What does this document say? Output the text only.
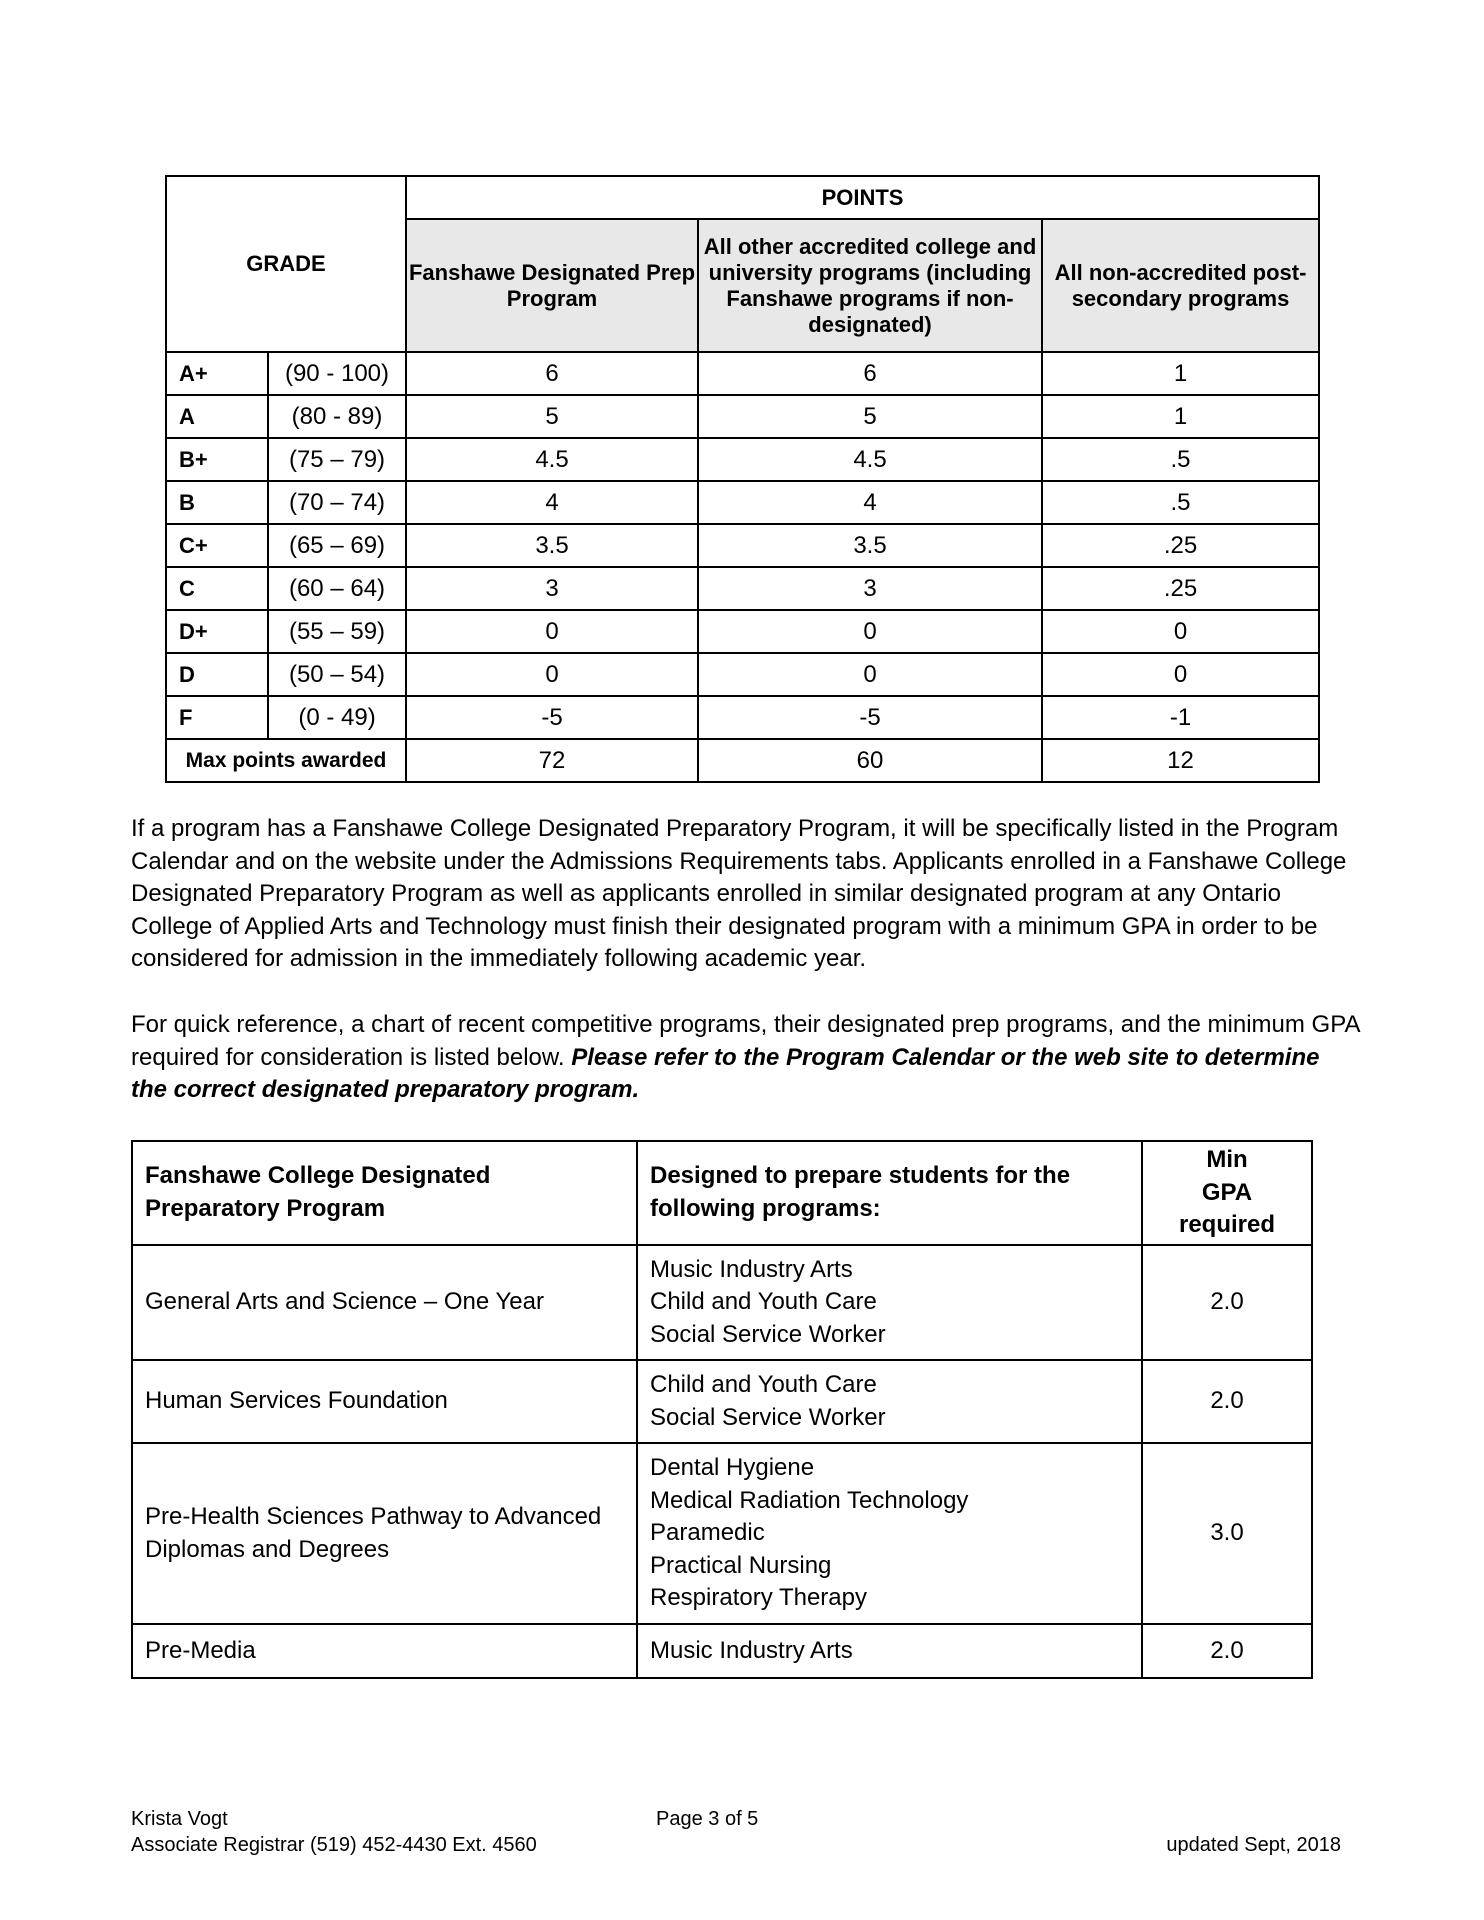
GRADE		POINTS		
		Fanshawe Designated Prep Program	All other accredited college and university programs (including Fanshawe programs if non-designated)	All non-accredited post-secondary programs
A+	(90 - 100)	6	6	1
A	(80 - 89)	5	5	1
B+	(75 – 79)	4.5	4.5	.5
B	(70 – 74)	4	4	.5
C+	(65 – 69)	3.5	3.5	.25
C	(60 – 64)	3	3	.25
D+	(55 – 59)	0	0	0
D	(50 – 54)	0	0	0
F	(0 - 49)	-5	-5	-1
Max points awarded		72	60	12

If a program has a Fanshawe College Designated Preparatory Program, it will be specifically listed in the Program Calendar and on the website under the Admissions Requirements tabs. Applicants enrolled in a Fanshawe College Designated Preparatory Program as well as applicants enrolled in similar designated program at any Ontario College of Applied Arts and Technology must finish their designated program with a minimum GPA in order to be considered for admission in the immediately following academic year.

For quick reference, a chart of recent competitive programs, their designated prep programs, and the minimum GPA required for consideration is listed below. Please refer to the Program Calendar or the web site to determine the correct designated preparatory program.

Fanshawe College Designated Preparatory Program	Designed to prepare students for the following programs:	Min
GPA
required

General Arts and Science – One Year	Music Industry Arts
Child and Youth Care
Social Service Worker	2.0
Human Services Foundation	Child and Youth Care
Social Service Worker	2.0
Pre-Health Sciences Pathway to Advanced Diplomas and Degrees	Dental Hygiene
Medical Radiation Technology
Paramedic
Practical Nursing
Respiratory Therapy	3.0
Pre-Media	Music Industry Arts	2.0
Krista Vogt
Associate Registrar (519) 452-4430 Ext. 4560
Page 3 of 5
updated Sept, 2018
